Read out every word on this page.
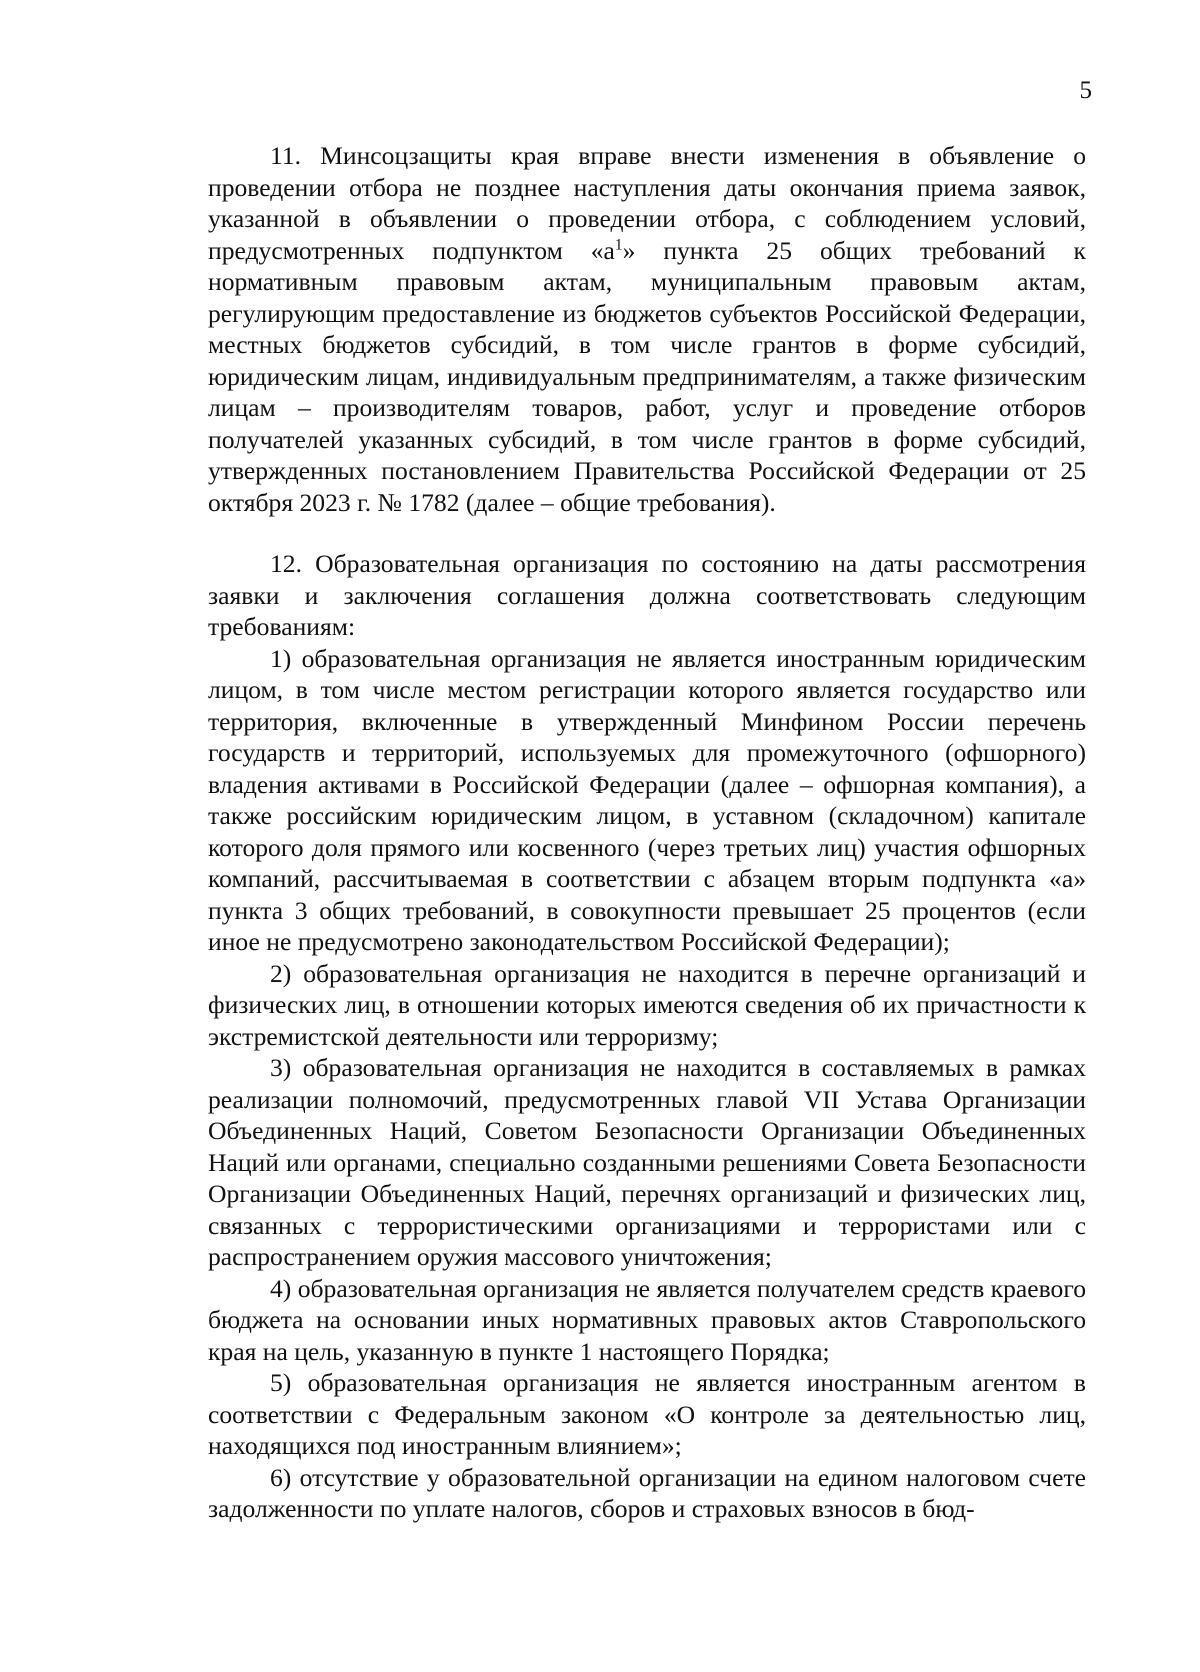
5

11. Минсоцзащиты края вправе внести изменения в объявление о проведении отбора не позднее наступления даты окончания приема заявок, указанной в объявлении о проведении отбора, с соблюдением условий, предусмотренных подпунктом «$а^1$» пункта 25 общих требований к нормативным правовым актам, муниципальным правовым актам, регулирующим предоставление из бюджетов субъектов Российской Федерации, местных бюджетов субсидий, в том числе грантов в форме субсидий, юридическим лицам, индивидуальным предпринимателям, а также физическим лицам – производителям товаров, работ, услуг и проведение отборов получателей указанных субсидий, в том числе грантов в форме субсидий, утвержденных постановлением Правительства Российской Федерации от 25 октября 2023 г. № 1782 (далее – общие требования).

12. Образовательная организация по состоянию на даты рассмотрения заявки и заключения соглашения должна соответствовать следующим требованиям:

1) образовательная организация не является иностранным юридическим лицом, в том числе местом регистрации которого является государство или территория, включенные в утвержденный Минфином России перечень государств и территорий, используемых для промежуточного (офшорного) владения активами в Российской Федерации (далее – офшорная компания), а также российским юридическим лицом, в уставном (складочном) капитале которого доля прямого или косвенного (через третьих лиц) участия офшорных компаний, рассчитываемая в соответствии с абзацем вторым подпункта «а» пункта 3 общих требований, в совокупности превышает 25 процентов (если иное не предусмотрено законодательством Российской Федерации);

2) образовательная организация не находится в перечне организаций и физических лиц, в отношении которых имеются сведения об их причастности к экстремистской деятельности или терроризму;

3) образовательная организация не находится в составляемых в рамках реализации полномочий, предусмотренных главой VII Устава Организации Объединенных Наций, Советом Безопасности Организации Объединенных Наций или органами, специально созданными решениями Совета Безопасности Организации Объединенных Наций, перечнях организаций и физических лиц, связанных с террористическими организациями и террористами или с распространением оружия массового уничтожения;

4) образовательная организация не является получателем средств краевого бюджета на основании иных нормативных правовых актов Ставропольского края на цель, указанную в пункте 1 настоящего Порядка;

5) образовательная организация не является иностранным агентом в соответствии с Федеральным законом «О контроле за деятельностью лиц, находящихся под иностранным влиянием»;

6) отсутствие у образовательной организации на едином налоговом счете задолженности по уплате налогов, сборов и страховых взносов в бюд-
